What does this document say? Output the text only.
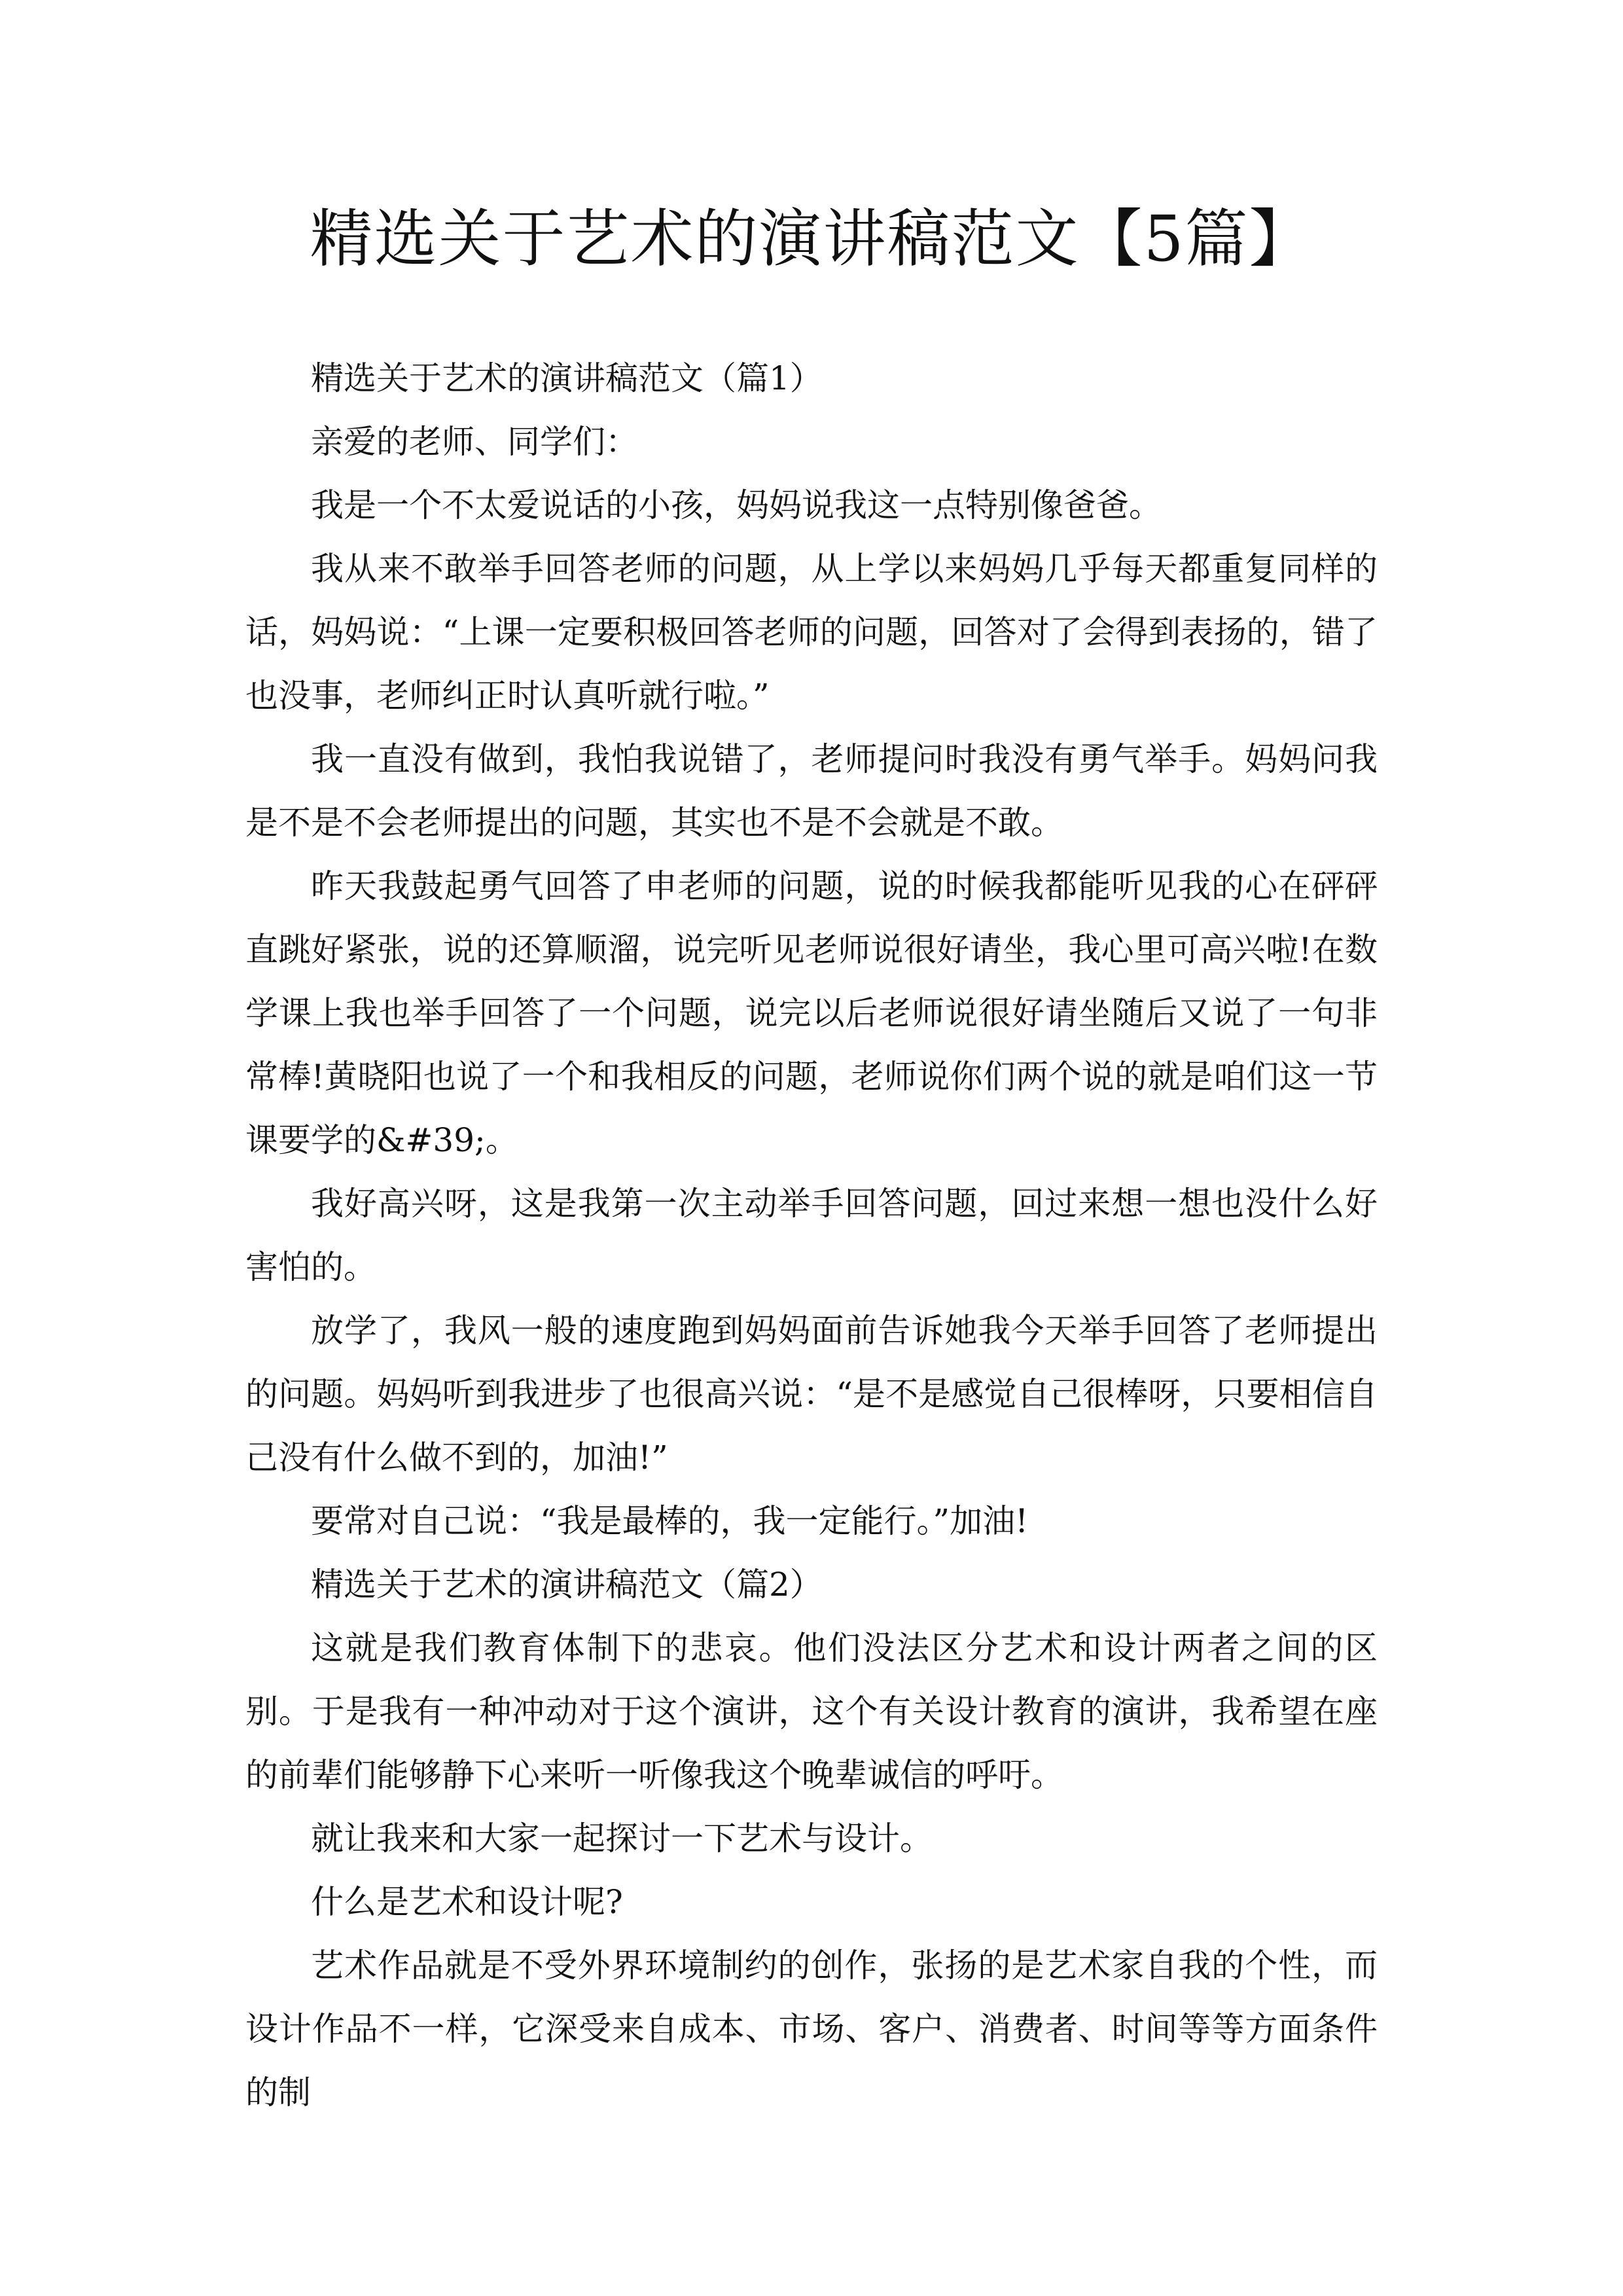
精选关于艺术的演讲稿范文【5篇】

精选关于艺术的演讲稿范文（篇1）

亲爱的老师、同学们：

我是一个不太爱说话的小孩，妈妈说我这一点特别像爸爸。

我从来不敢举手回答老师的问题，从上学以来妈妈几乎每天都重复同样的话，妈妈说：“上课一定要积极回答老师的问题，回答对了会得到表扬的，错了也没事，老师纠正时认真听就行啦。”

我一直没有做到，我怕我说错了，老师提问时我没有勇气举手。妈妈问我是不是不会老师提出的问题，其实也不是不会就是不敢。

昨天我鼓起勇气回答了申老师的问题，说的时候我都能听见我的心在砰砰直跳好紧张，说的还算顺溜，说完听见老师说很好请坐，我心里可高兴啦!在数学课上我也举手回答了一个问题，说完以后老师说很好请坐随后又说了一句非常棒!黄晓阳也说了一个和我相反的问题，老师说你们两个说的就是咱们这一节课要学的&#39;。

我好高兴呀，这是我第一次主动举手回答问题，回过来想一想也没什么好害怕的。

放学了，我风一般的速度跑到妈妈面前告诉她我今天举手回答了老师提出的问题。妈妈听到我进步了也很高兴说：“是不是感觉自己很棒呀，只要相信自己没有什么做不到的，加油!”

要常对自己说：“我是最棒的，我一定能行。”加油!

精选关于艺术的演讲稿范文（篇2）

这就是我们教育体制下的悲哀。他们没法区分艺术和设计两者之间的区别。于是我有一种冲动对于这个演讲，这个有关设计教育的演讲，我希望在座的前辈们能够静下心来听一听像我这个晚辈诚信的呼吁。

就让我来和大家一起探讨一下艺术与设计。

什么是艺术和设计呢?

艺术作品就是不受外界环境制约的创作，张扬的是艺术家自我的个性，而设计作品不一样，它深受来自成本、市场、客户、消费者、时间等等方面条件的制
